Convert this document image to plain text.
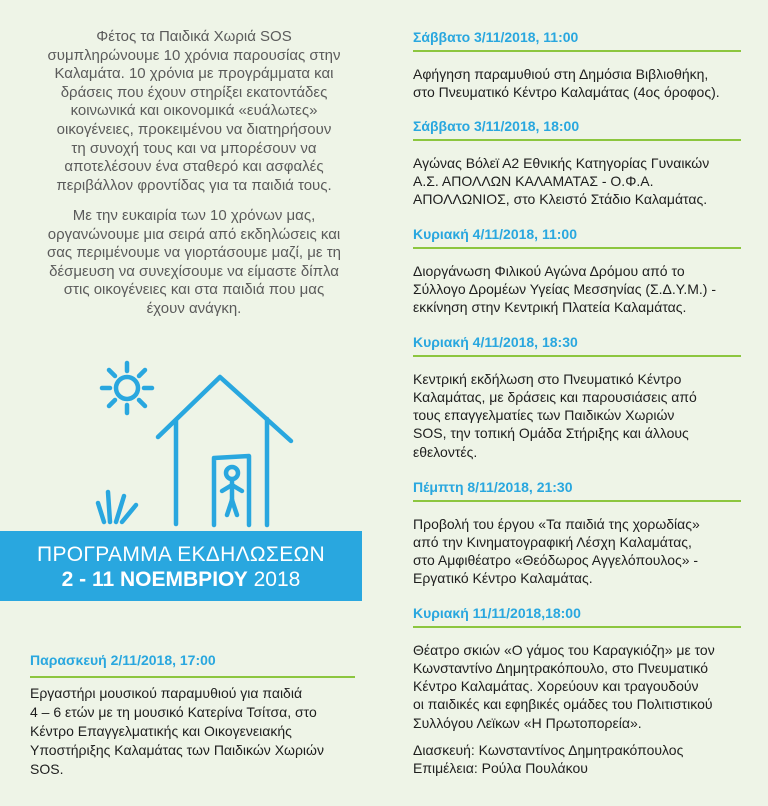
Φέτος τα Παιδικά Χωριά SOS
συμπληρώνουμε 10 χρόνια παρουσίας στην
Καλαμάτα. 10 χρόνια με προγράμματα και
δράσεις που έχουν στηρίξει εκατοντάδες
κοινωνικά και οικονομικά «ευάλωτες»
οικογένειες, προκειμένου να διατηρήσουν
τη συνοχή τους και να μπορέσουν να
αποτελέσουν ένα σταθερό και ασφαλές
περιβάλλον φροντίδας για τα παιδιά τους.
Με την ευκαιρία των 10 χρόνων μας,
οργανώνουμε μια σειρά από εκδηλώσεις και
σας περιμένουμε να γιορτάσουμε μαζί, με τη
δέσμευση να συνεχίσουμε να είμαστε δίπλα
στις οικογένειες και στα παιδιά που μας
έχουν ανάγκη.
ΠΡΟΓΡΑΜΜΑ ΕΚΔΗΛΩΣΕΩΝ
2 - 11 ΝΟΕΜΒΡΙΟΥ 2018
Παρασκευή 2/11/2018, 17:00
Εργαστήρι μουσικού παραμυθιού για παιδιά
4 – 6 ετών με τη μουσικό Κατερίνα Τσίτσα, στο
Κέντρο Επαγγελματικής και Οικογενειακής
Υποστήριξης Καλαμάτας των Παιδικών Χωριών
SOS.
Σάββατο 3/11/2018, 11:00
Αφήγηση παραμυθιού στη Δημόσια Βιβλιοθήκη,
στο Πνευματικό Κέντρο Καλαμάτας (4ος όροφος).
Σάββατο 3/11/2018, 18:00
Αγώνας Βόλεϊ Α2 Εθνικής Κατηγορίας Γυναικών
Α.Σ. ΑΠΟΛΛΩΝ ΚΑΛΑΜΑΤΑΣ - Ο.Φ.Α.
ΑΠΟΛΛΩΝΙΟΣ, στο Κλειστό Στάδιο Καλαμάτας.
Κυριακή 4/11/2018, 11:00
Διοργάνωση Φιλικού Αγώνα Δρόμου από το
Σύλλογο Δρομέων Υγείας Μεσσηνίας (Σ.Δ.Υ.Μ.) -
εκκίνηση στην Κεντρική Πλατεία Καλαμάτας.
Κυριακή 4/11/2018, 18:30
Κεντρική εκδήλωση στο Πνευματικό Κέντρο
Καλαμάτας, με δράσεις και παρουσιάσεις από
τους επαγγελματίες των Παιδικών Χωριών
SOS, την τοπική Ομάδα Στήριξης και άλλους
εθελοντές.
Πέμπτη 8/11/2018, 21:30
Προβολή του έργου «Τα παιδιά της χορωδίας»
από την Κινηματογραφική Λέσχη Καλαμάτας,
στο Αμφιθέατρο «Θεόδωρος Αγγελόπουλος» -
Εργατικό Κέντρο Καλαμάτας.
Κυριακή 11/11/2018,18:00
Θέατρο σκιών «Ο γάμος του Καραγκιόζη» με τον
Κωνσταντίνο Δημητρακόπουλο, στο Πνευματικό
Κέντρο Καλαμάτας. Χορεύουν και τραγουδούν
οι παιδικές και εφηβικές ομάδες του Πολιτιστικού
Συλλόγου Λεϊκων «Η Πρωτοπορεία».
Διασκευή: Κωνσταντίνος Δημητρακόπουλος
Επιμέλεια: Ρούλα Πουλάκου
